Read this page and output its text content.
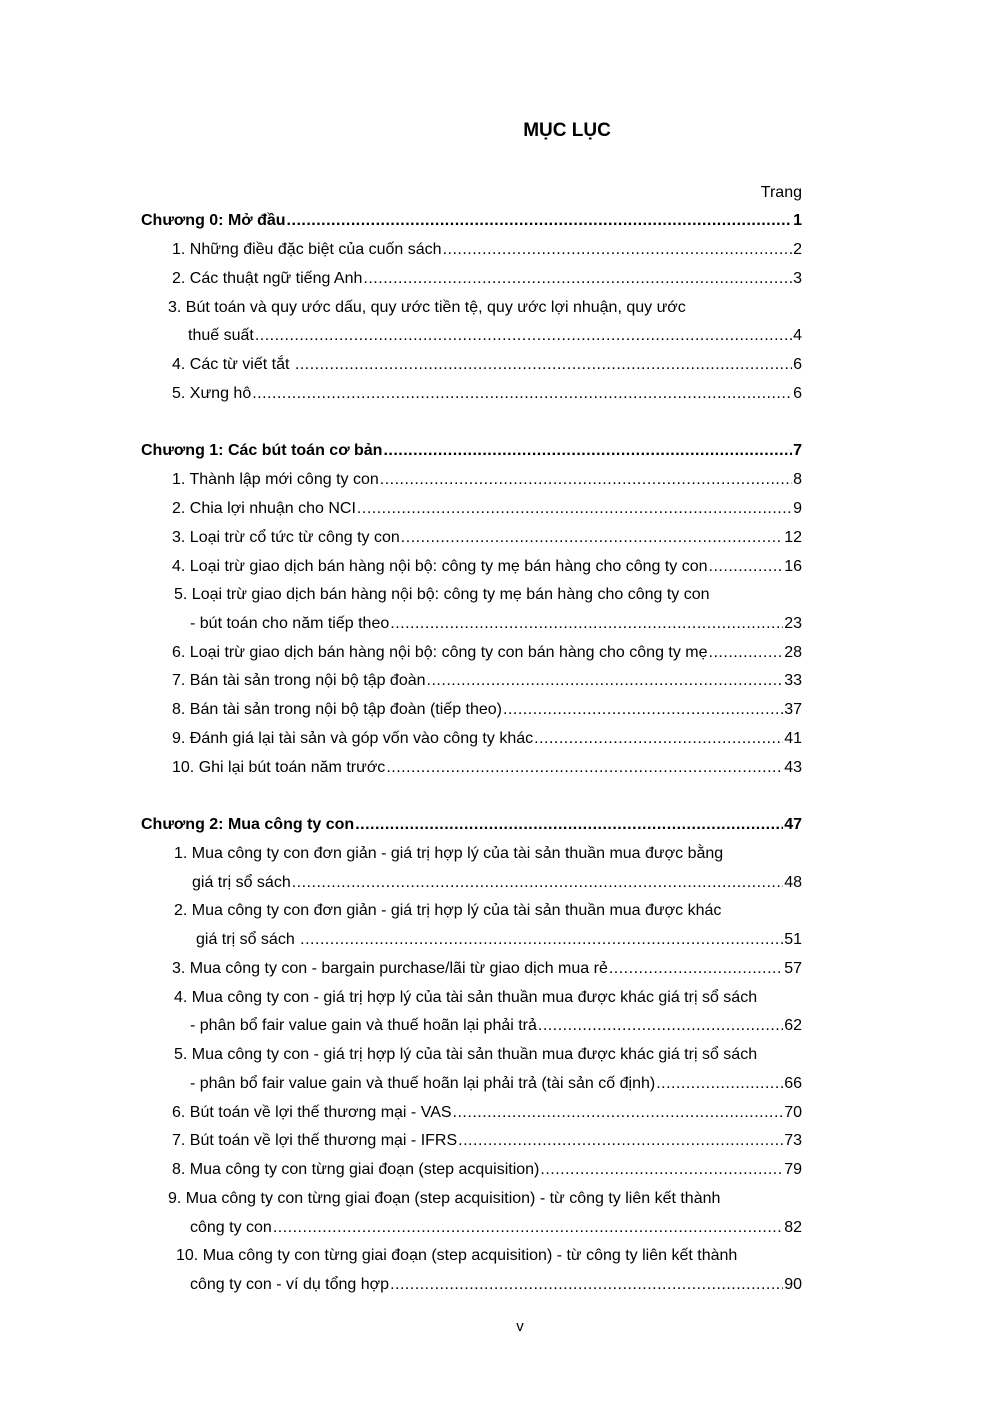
MỤC LỤC
Trang
Chương 0: Mở đầu .....	1
1. Những điều đặc biệt của cuốn sách .....	2
2. Các thuật ngữ tiếng Anh .....	3
3. Bút toán và quy ước dấu, quy ước tiền tệ, quy ước lợi nhuận, quy ước
thuế suất .....	4
4. Các từ viết tắt .....	6
5. Xưng hô .....	6
Chương 1: Các bút toán cơ bản .....	7
1. Thành lập mới công ty con .....	8
2. Chia lợi nhuận cho NCI .....	9
3. Loại trừ cổ tức từ công ty con .....	12
4. Loại trừ giao dịch bán hàng nội bộ: công ty mẹ bán hàng cho công ty con .....	16
5. Loại trừ giao dịch bán hàng nội bộ: công ty mẹ bán hàng cho công ty con
- bút toán cho năm tiếp theo .....	23
6. Loại trừ giao dịch bán hàng nội bộ: công ty con bán hàng cho công ty mẹ .....	28
7. Bán tài sản trong nội bộ tập đoàn .....	33
8. Bán tài sản trong nội bộ tập đoàn (tiếp theo) .....	37
9. Đánh giá lại tài sản và góp vốn vào công ty khác .....	41
10. Ghi lại bút toán năm trước .....	43
Chương 2: Mua công ty con .....	47
1. Mua công ty con đơn giản - giá trị hợp lý của tài sản thuần mua được bằng
giá trị sổ sách .....	48
2. Mua công ty con đơn giản - giá trị hợp lý của tài sản thuần mua được khác
giá trị sổ sách .....	51
3. Mua công ty con - bargain purchase/lãi từ giao dịch mua rẻ .....	57
4. Mua công ty con - giá trị hợp lý của tài sản thuần mua được khác giá trị sổ sách
- phân bổ fair value gain và thuế hoãn lại phải trả .....	62
5. Mua công ty con - giá trị hợp lý của tài sản thuần mua được khác giá trị sổ sách
- phân bổ fair value gain và thuế hoãn lại phải trả (tài sản cố định) .....	66
6. Bút toán về lợi thế thương mại - VAS .....	70
7. Bút toán về lợi thế thương mại - IFRS .....	73
8. Mua công ty con từng giai đoạn (step acquisition) .....	79
9. Mua công ty con từng giai đoạn (step acquisition) - từ công ty liên kết thành
công ty con .....	82
10. Mua công ty con từng giai đoạn (step acquisition) - từ công ty liên kết thành
công ty con - ví dụ tổng hợp .....	90
v
